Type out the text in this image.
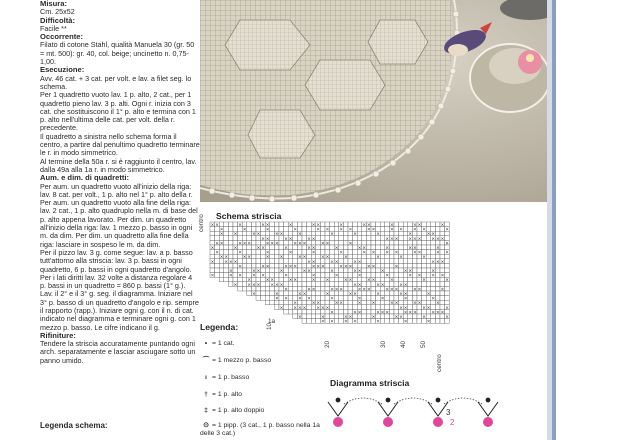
Misura:
Cm. 25x52
Difficoltà:
Facile **
Occorrente:
Filato di cotone Stahl, qualità Manuela 30 (gr. 50 = mt. 500): gr. 40, col. beige; uncinetto n. 0,75-1,00.
Esecuzione:
Avv. 46 cat. + 3 cat. per volt. e lav. a filet seg. lo schema.
Per 1 quadretto vuoto lav. 1 p. alto, 2 cat., per 1 quadretto pieno lav. 3 p. alti. Ogni r. inizia con 3 cat. che sostituiscono il 1° p. alto e termina con 1 p. alto nell'ultima delle cat. per volt. della r. precedente.
Il quadretto a sinistra nello schema forma il centro, a partire dal penultimo quadretto terminare le r. in modo simmetrico.
Al termine della 50a r. si è raggiunto il centro, lav. dalla 49a alla 1a r. in modo simmetrico.
Aum. e dim. di quadretti:
Per aum. un quadretto vuoto all'inizio della riga: lav. 8 cat. per volt., 1 p. alto nel 1° p. alto della r. Per aum. un quadretto vuoto alla fine della riga: lav. 2 cat., 1 p. alto quadruplo nella m. di base del p. alto appena lavorato. Per dim. un quadretto all'inizio della riga: lav. 1 mezzo p. basso in ogni m. da dim. Per dim. un quadretto alla fine della riga: lasciare in sospeso le m. da dim.
Per il pizzo lav. 3 g. come segue: lav. a p. basso tutt'attorno alla striscia: lav. 3 p. bassi in ogni quadretto, 6 p. bassi in ogni quadretto d'angolo. Per i lati diritti lav. 32 volte a distanza regolare 4 p. bassi in un quadretto = 860 p. bassi (1° g.). Lav. il 2° e il 3° g. seg. il diagramma. Iniziare nel 3° p. basso di un quadretto d'angolo e rip. sempre il rapporto (rapp.). Iniziare ogni g. con il n. di cat. indicato nel diagramma e terminare ogni g. con 1 mezzo p. basso. Le cifre indicano il g.
Rifiniture:
Tendere la striscia accuratamente puntando ogni arch. separatamente e lasciar asciugare sotto un panno umido.
Legenda schema:
Schema striscia
× ×	×	× ×	×	× ×	×	× ×	×	× ×	×
×	×	×	×	× × × ×	× ×	× × × ×	×
× ×	× ×	× ×	×	×	×	×	×	× ×
× ×	× ×	× ×	× × × × × × × × ×
× ×	× × ×	× × ×	× × ×	× ×	×	×
×	×	× ×	×	× ×	×	× ×	×	× ×	×
×	×	×	×	×	×	× × × ×	× ×	× ×
× ×	× ×	× ×	× ×	× ×	×	×	×	×
× × × ×	× ×	× ×	× ×	× × ×
×	× ×	× × ×	× × ×	× × ×	× ×	×
×	× ×	×	× ×	×	× ×	×	× ×	×
×	× × × ×	×	×	×	×	×	× × × ×
×	× ×	× ×	× ×	× ×	× ×	×	×	×
× × × × × × ×	× ×	× ×	× ×
×	× ×	× × ×	× × ×	× × ×	× ×	×
×	×	× ×	×	× ×	×	× ×	×
× × × ×	×	×	×	×	×
×	× ×	× ×	× ×	× ×	× ×	×
× × × × × × ×	× ×	× ×	×
×	× ×	× × ×	× × ×	× × ×
×	×	× ×	×	× ×	×	×
× × × ×	×	×	×
centro
centro
10
20	30 40 50
1a
Legenda:
• = 1 cat.
⌒ = 1 mezzo p. basso
ı = 1 p. basso
† = 1 p. alto
‡ = 1 p. alto doppio
⊙ = 1 pipp. (3 cat., 1 p. basso nella 1a delle 3 cat.)
Diagramma striscia
3
2
